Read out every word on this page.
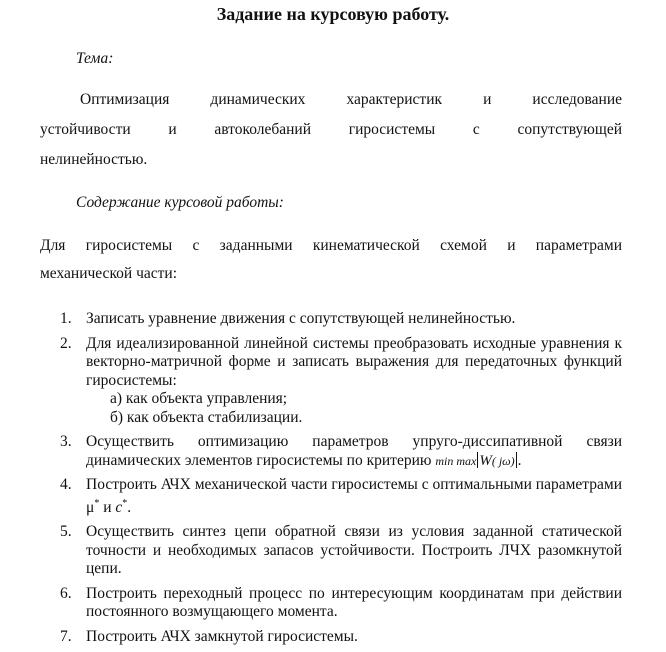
Задание на курсовую работу.
Тема:
Оптимизация динамических характеристик и исследование
устойчивости и автоколебаний гиросистемы с сопутствующей
нелинейностью.
Содержание курсовой работы:
Для гиросистемы с заданными кинематической схемой и параметрами
механической части:
1. Записать уравнение движения с сопутствующей нелинейностью.
2. Для идеализированной линейной системы преобразовать исходные уравнения к векторно-матричной форме и записать выражения для передаточных функций гиросистемы:
а) как объекта управления;
б) как объекта стабилизации.
3. Осуществить оптимизацию параметров упруго-диссипативной связи динамических элементов гиросистемы по критерию min max W( jω) .
4. Построить АЧХ механической части гиросистемы с оптимальными параметрами μ* и c*.
5. Осуществить синтез цепи обратной связи из условия заданной статической точности и необходимых запасов устойчивости. Построить ЛЧХ разомкнутой цепи.
6. Построить переходный процесс по интересующим координатам при действии постоянного возмущающего момента.
7. Построить АЧХ замкнутой гиросистемы.
